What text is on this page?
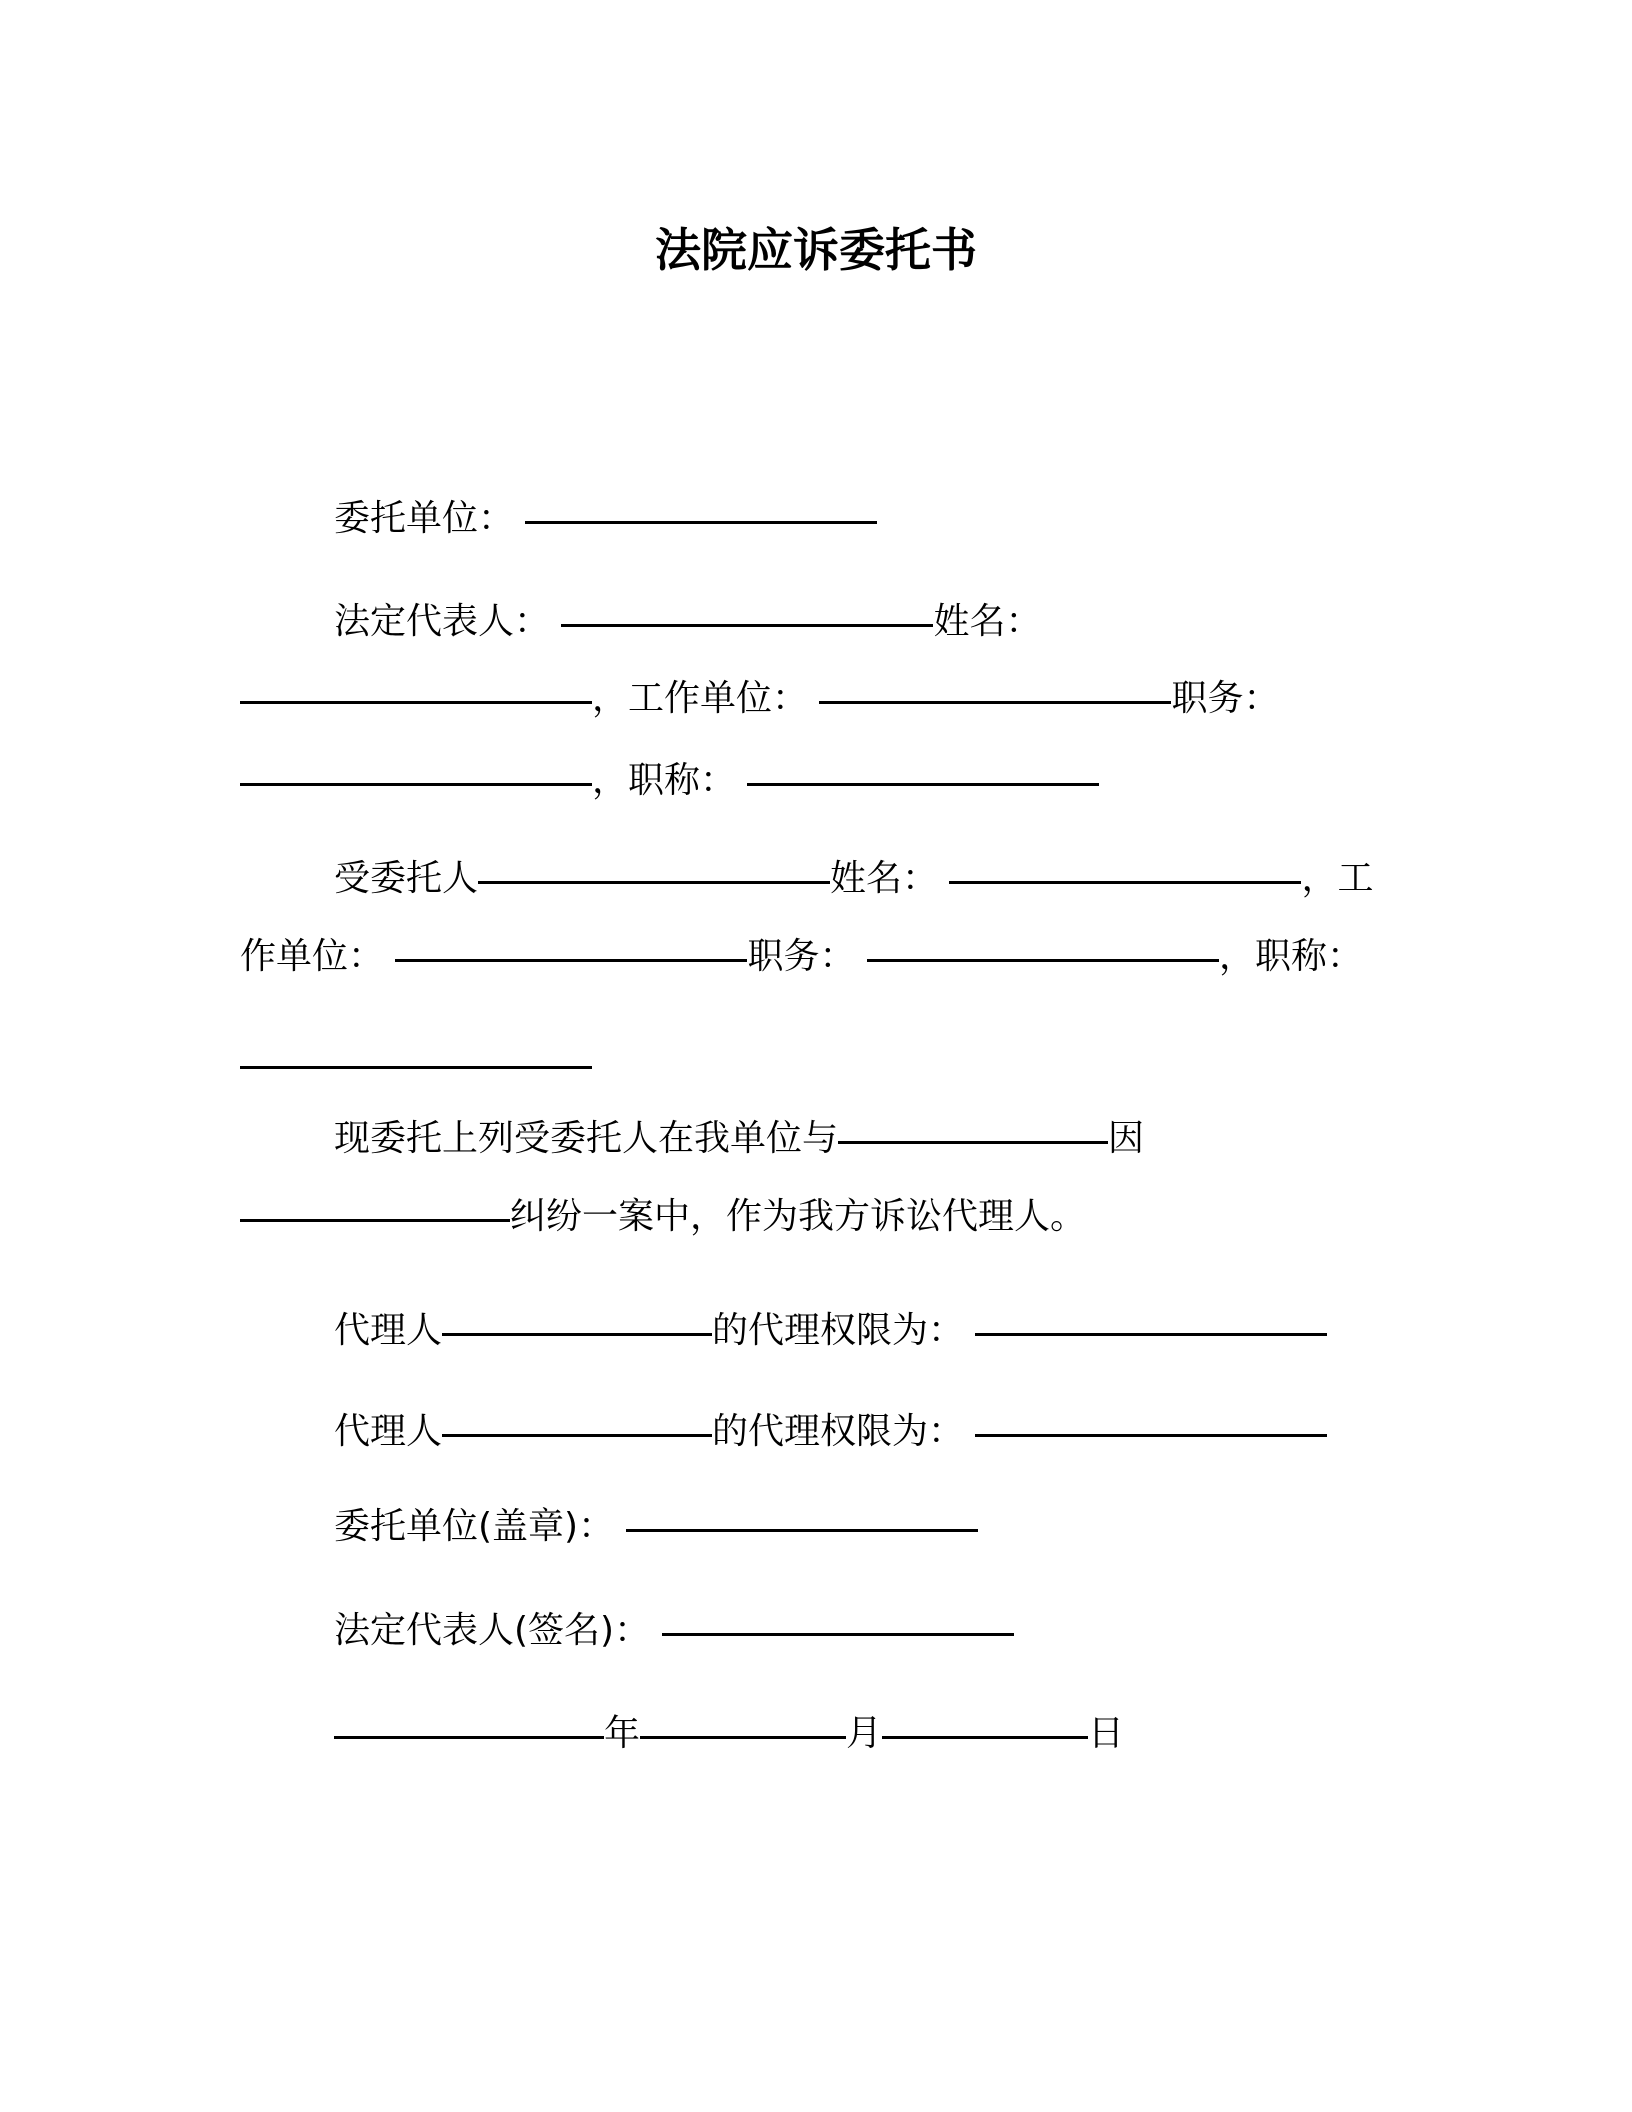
法院应诉委托书
委托单位：
法定代表人：	姓名：
，工作单位：	职务：
，职称：
受委托人	姓名：	，工
作单位：	职务：	，职称：
现委托上列受委托人在我单位与	因
纠纷一案中，作为我方诉讼代理人。
代理人	的代理权限为：
代理人	的代理权限为：
委托单位(盖章)：
法定代表人(签名)：
年	月	日
